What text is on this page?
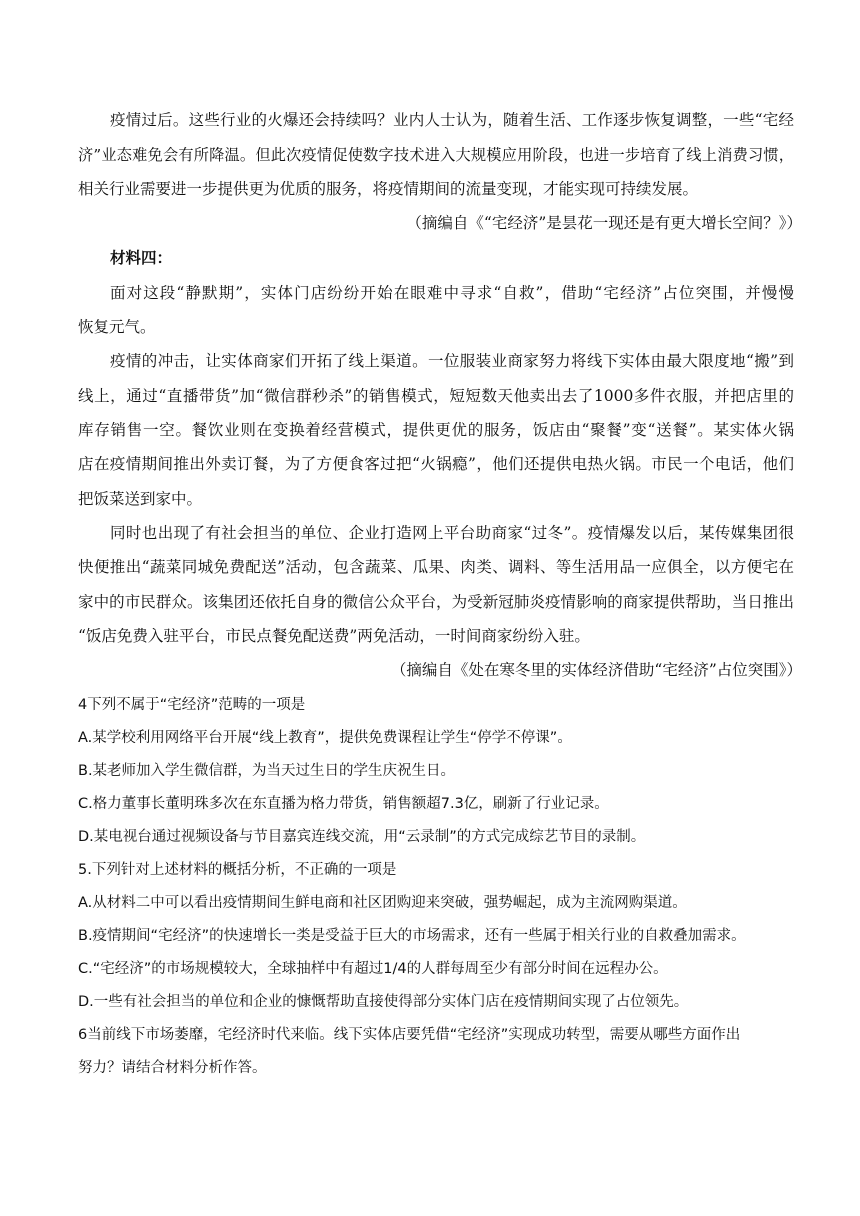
疫情过后。这些行业的火爆还会持续吗？业内人士认为，随着生活、工作逐步恢复调整，一些“宅经
济”业态难免会有所降温。但此次疫情促使数字技术进入大规模应用阶段，也进一步培育了线上消费习惯，
相关行业需要进一步提供更为优质的服务，将疫情期间的流量变现，才能实现可持续发展。
（摘编自《“宅经济”是昙花一现还是有更大增长空间？》）
材料四：
面对这段“静默期”，实体门店纷纷开始在眼难中寻求“自救”，借助“宅经济”占位突围，并慢慢
恢复元气。
疫情的冲击，让实体商家们开拓了线上渠道。一位服装业商家努力将线下实体由最大限度地“搬”到
线上，通过“直播带货”加“微信群秒杀”的销售模式，短短数天他卖出去了1000多件衣服，并把店里的
库存销售一空。餐饮业则在变换着经营模式，提供更优的服务，饭店由“聚餐”变“送餐”。某实体火锅
店在疫情期间推出外卖订餐，为了方便食客过把“火锅瘾”，他们还提供电热火锅。市民一个电话，他们
把饭菜送到家中。
同时也出现了有社会担当的单位、企业打造网上平台助商家“过冬”。疫情爆发以后，某传媒集团很
快便推出“蔬菜同城免费配送”活动，包含蔬菜、瓜果、肉类、调料、等生活用品一应俱全，以方便宅在
家中的市民群众。该集团还依托自身的微信公众平台，为受新冠肺炎疫情影响的商家提供帮助，当日推出
“饭店免费入驻平台，市民点餐免配送费”两免活动，一时间商家纷纷入驻。
（摘编自《处在寒冬里的实体经济借助“宅经济”占位突围》）
4下列不属于“宅经济”范畴的一项是
A.某学校利用网络平台开展“线上教育”，提供免费课程让学生“停学不停课”。
B.某老师加入学生微信群，为当天过生日的学生庆祝生日。
C.格力董事长董明珠多次在东直播为格力带货，销售额超7.3亿，刷新了行业记录。
D.某电视台通过视频设备与节目嘉宾连线交流，用“云录制”的方式完成综艺节目的录制。
5.下列针对上述材料的概括分析，不正确的一项是
A.从材料二中可以看出疫情期间生鲜电商和社区团购迎来突破，强势崛起，成为主流网购渠道。
B.疫情期间“宅经济”的快速增长一类是受益于巨大的市场需求，还有一些属于相关行业的自救叠加需求。
C.“宅经济”的市场规模较大，全球抽样中有超过1/4的人群每周至少有部分时间在远程办公。
D.一些有社会担当的单位和企业的慷慨帮助直接使得部分实体门店在疫情期间实现了占位领先。
6当前线下市场萎靡，宅经济时代来临。线下实体店要凭借“宅经济”实现成功转型，需要从哪些方面作出
努力？请结合材料分析作答。
